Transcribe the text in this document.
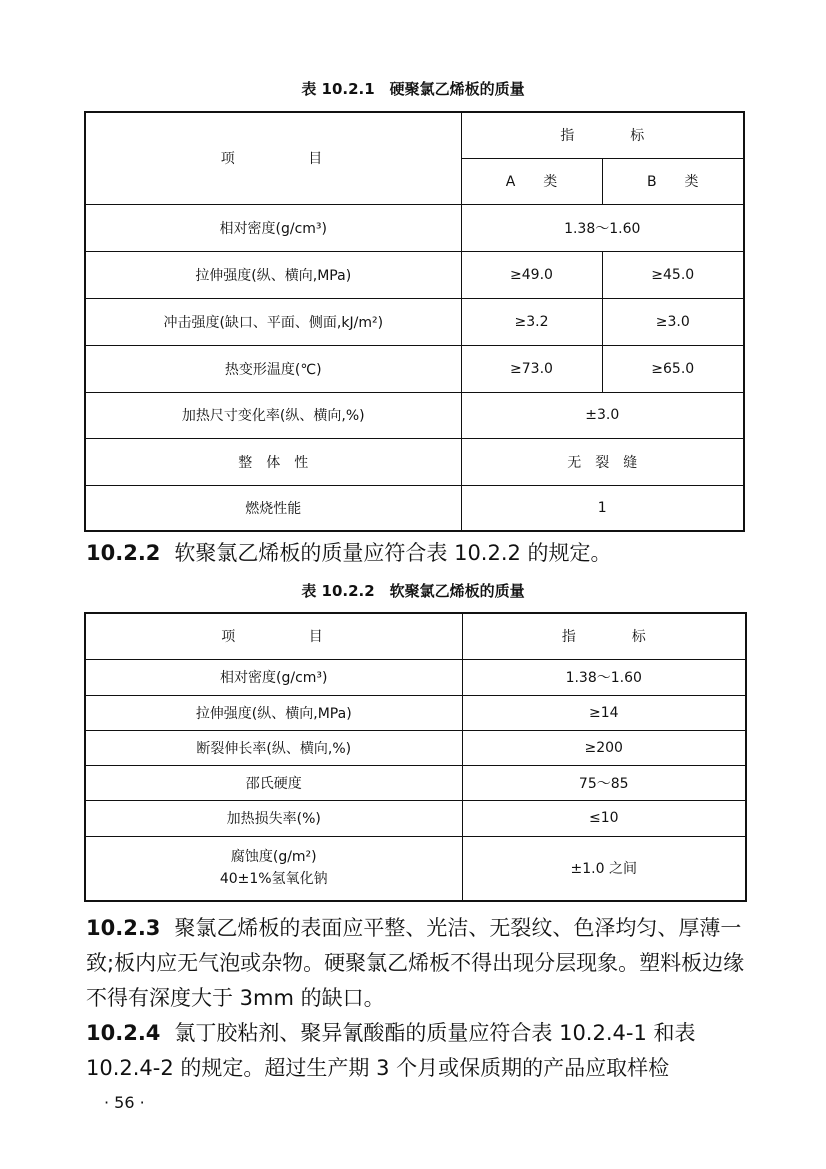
表 10.2.1　硬聚氯乙烯板的质量
项　　　　目	指　　　　标	
	A　　类	B　　类
相对密度(g/cm³)	1.38～1.60	
拉伸强度(纵、横向,MPa)	≥49.0	≥45.0
冲击强度(缺口、平面、侧面,kJ/m²)	≥3.2	≥3.0
热变形温度(℃)	≥73.0	≥65.0
加热尺寸变化率(纵、横向,%)	±3.0	
整　体　性	无　裂　缝	
燃烧性能	1	
10.2.2 软聚氯乙烯板的质量应符合表 10.2.2 的规定。
表 10.2.2　软聚氯乙烯板的质量
项　　　　目	指　　　　标
相对密度(g/cm³)	1.38～1.60
拉伸强度(纵、横向,MPa)	≥14
断裂伸长率(纵、横向,%)	≥200
邵氏硬度	75～85
加热损失率(%)	≤10

腐蚀度(g/m²)
40±1%氢氧化钠	±1.0 之间
10.2.3 聚氯乙烯板的表面应平整、光洁、无裂纹、色泽均匀、厚薄一致;板内应无气泡或杂物。硬聚氯乙烯板不得出现分层现象。塑料板边缘不得有深度大于 3mm 的缺口。
10.2.4 氯丁胶粘剂、聚异氰酸酯的质量应符合表 10.2.4-1 和表 10.2.4-2 的规定。超过生产期 3 个月或保质期的产品应取样检
· 56 ·
